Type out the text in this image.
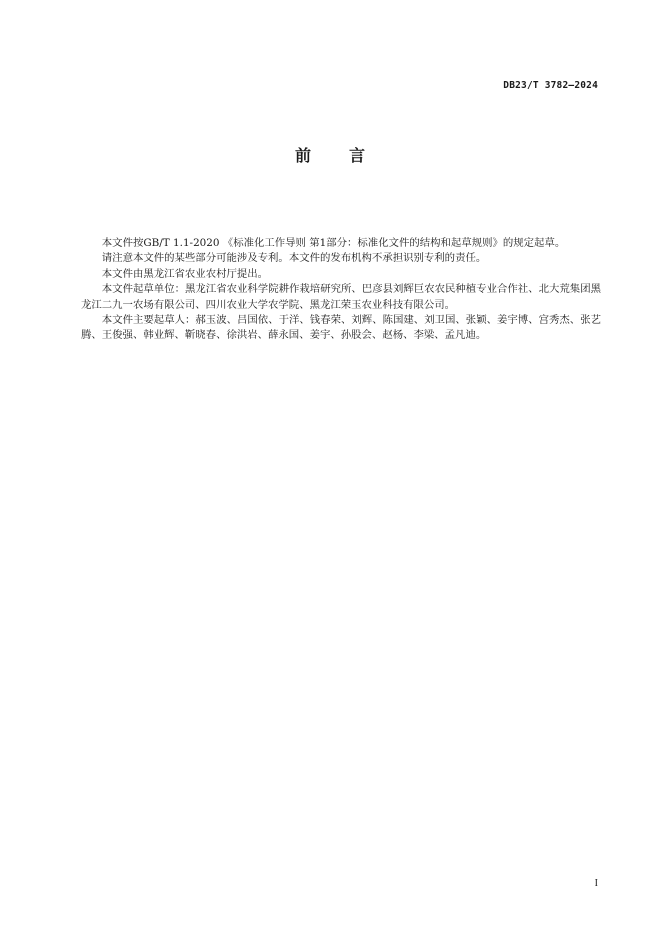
DB23/T 3782—2024
前 言

本文件按GB/T 1.1-2020 《标准化工作导则 第1部分：标准化文件的结构和起草规则》的规定起草。

请注意本文件的某些部分可能涉及专利。本文件的发布机构不承担识别专利的责任。

本文件由黑龙江省农业农村厅提出。

本文件起草单位：黑龙江省农业科学院耕作栽培研究所、巴彦县刘辉巨农农民种植专业合作社、北大荒集团黑龙江二九一农场有限公司、四川农业大学农学院、黑龙江荣玉农业科技有限公司。

本文件主要起草人：郝玉波、吕国依、于洋、钱春荣、刘辉、陈国建、刘卫国、张颖、姜宇博、宫秀杰、张艺腾、王俊强、韩业辉、靳晓春、徐洪岩、薛永国、姜宇、孙股会、赵杨、李梁、孟凡迪。

I
